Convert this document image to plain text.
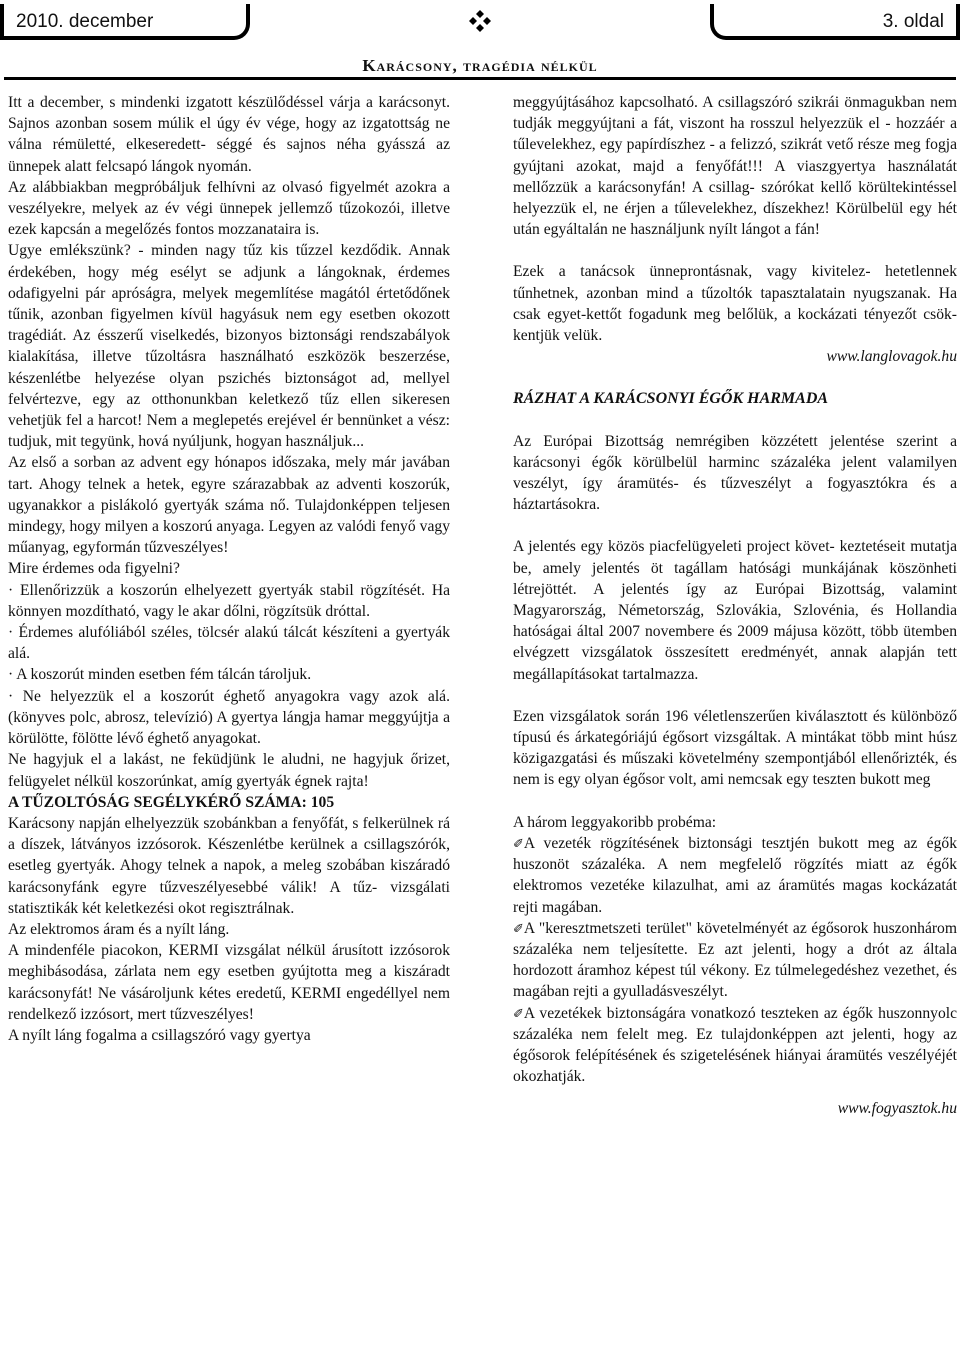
2010. december	3. oldal
Karácsony, tragédia nélkül

Itt a december, s mindenki izgatott készülődéssel várja a karácsonyt. Sajnos azonban sosem múlik el úgy év vége, hogy az izgatottság ne válna rémületté, elkeseredett- séggé és sajnos néha gyásszá az ünnepek alatt felcsapó lángok nyomán.

Az alábbiakban megpróbáljuk felhívni az olvasó figyelmét azokra a veszélyekre, melyek az év végi ünnepek jellemző tűzokozói, illetve ezek kapcsán a megelőzés fontos mozzanataira is.

Ugye emlékszünk? - minden nagy tűz kis tűzzel kezdődik. Annak érdekében, hogy még esélyt se adjunk a lángoknak, érdemes odafigyelni pár apróságra, melyek megemlítése magától értetődőnek tűnik, azonban figyelmen kívül hagyásuk nem egy esetben okozott tragédiát. Az ésszerű viselkedés, bizonyos biztonsági rendszabályok kialakítása, illetve tűzoltásra használható eszközök beszerzése, készenlétbe helyezése olyan pszichés biztonságot ad, mellyel felvértezve, egy az otthonunkban keletkező tűz ellen sikeresen vehetjük fel a harcot! Nem a meglepetés erejével ér bennünket a vész: tudjuk, mit tegyünk, hová nyúljunk, hogyan használjuk...

Az első a sorban az advent egy hónapos időszaka, mely már javában tart. Ahogy telnek a hetek, egyre szárazabbak az adventi koszorúk, ugyanakkor a pislákoló gyertyák száma nő. Tulajdonképpen teljesen mindegy, hogy milyen a koszorú anyaga. Legyen az valódi fenyő vagy műanyag, egyformán tűzveszélyes!

Mire érdemes oda figyelni?

· Ellenőrizzük a koszorún elhelyezett gyertyák stabil rögzítését. Ha könnyen mozdítható, vagy le akar dőlni, rögzítsük dróttal.

· Érdemes alufóliából széles, tölcsér alakú tálcát készíteni a gyertyák alá.

· A koszorút minden esetben fém tálcán tároljuk.

· Ne helyezzük el a koszorút éghető anyagokra vagy azok alá. (könyves polc, abrosz, televízió) A gyertya lángja hamar meggyújtja a körülötte, fölötte lévő éghető anyagokat.

Ne hagyjuk el a lakást, ne feküdjünk le aludni, ne hagyjuk őrizet, felügyelet nélkül koszorúnkat, amíg gyertyák égnek rajta!

A TŰZOLTÓSÁG SEGÉLYKÉRŐ SZÁMA: 105

Karácsony napján elhelyezzük szobánkban a fenyőfát, s felkerülnek rá a díszek, látványos izzósorok. Készenlétbe kerülnek a csillagszórók, esetleg gyertyák. Ahogy telnek a napok, a meleg szobában kiszáradó karácsonyfánk egyre tűzveszélyesebbé válik! A tűz- vizsgálati statisztikák két keletkezési okot regisztrálnak.

Az elektromos áram és a nyílt láng.

A mindenféle piacokon, KERMI vizsgálat nélkül árusított izzósorok meghibásodása, zárlata nem egy esetben gyújtotta meg a kiszáradt karácsonyfát! Ne vásároljunk kétes eredetű, KERMI engedéllyel nem rendelkező izzósort, mert tűzveszélyes!

A nyílt láng fogalma a csillagszóró vagy gyertya

meggyújtásához kapcsolható. A csillagszóró szikrái önmagukban nem tudják meggyújtani a fát, viszont ha rosszul helyezzük el - hozzáér a tűlevelekhez, egy papírdíszhez - a felizzó, szikrát vető része meg fogja gyújtani azokat, majd a fenyőfát!!! A viaszgyertya használatát mellőzzük a karácsonyfán! A csillag- szórókat kellő körültekintéssel helyezzük el, ne érjen a tűlevelekhez, díszekhez! Körülbelül egy hét után egyáltalán ne használjunk nyílt lángot a fán!

Ezek a tanácsok ünneprontásnak, vagy kivitelez- hetetlennek tűnhetnek, azonban mind a tűzoltók tapasztalatain nyugszanak. Ha csak egyet-kettőt fogadunk meg belőlük, a kockázati tényezőt csök- kentjük velük.

www.langlovagok.hu

RÁZHAT A KARÁCSONYI ÉGŐK HARMADA

Az Európai Bizottság nemrégiben közzétett jelentése szerint a karácsonyi égők körülbelül harminc százaléka jelent valamilyen veszélyt, így áramütés- és tűzveszélyt a fogyasztókra és a háztartásokra.

A jelentés egy közös piacfelügyeleti project követ- keztetéseit mutatja be, amely jelentés öt tagállam hatósági munkájának köszönheti létrejöttét. A jelentés így az Európai Bizottság, valamint Magyarország, Németország, Szlovákia, Szlovénia, és Hollandia hatóságai által 2007 novembere és 2009 májusa között, több ütemben elvégzett vizsgálatok összesített eredményét, annak alapján tett megállapításokat tartalmazza.

Ezen vizsgálatok során 196 véletlenszerűen kiválasztott és különböző típusú és árkategóriájú égősort vizsgáltak. A mintákat több mint húsz közigazgatási és műszaki követelmény szempontjából ellenőrizték, és nem is egy olyan égősor volt, ami nemcsak egy teszten bukott meg

A három leggyakoribb probéma:

✐A vezeték rögzítésének biztonsági tesztjén bukott meg az égők huszonöt százaléka. A nem megfelelő rögzítés miatt az égők elektromos vezetéke kilazulhat, ami az áramütés magas kockázatát rejti magában.

✐A "keresztmetszeti terület" követelményét az égősorok huszonhárom százaléka nem teljesítette. Ez azt jelenti, hogy a drót az általa hordozott áramhoz képest túl vékony. Ez túlmelegedéshez vezethet, és magában rejti a gyulladásveszélyt.

✐A vezetékek biztonságára vonatkozó teszteken az égők huszonnyolc százaléka nem felelt meg. Ez tulajdonképpen azt jelenti, hogy az égősorok felépítésének és szigetelésének hiányai áramütés veszélyéjét okozhatják.

www.fogyasztok.hu
